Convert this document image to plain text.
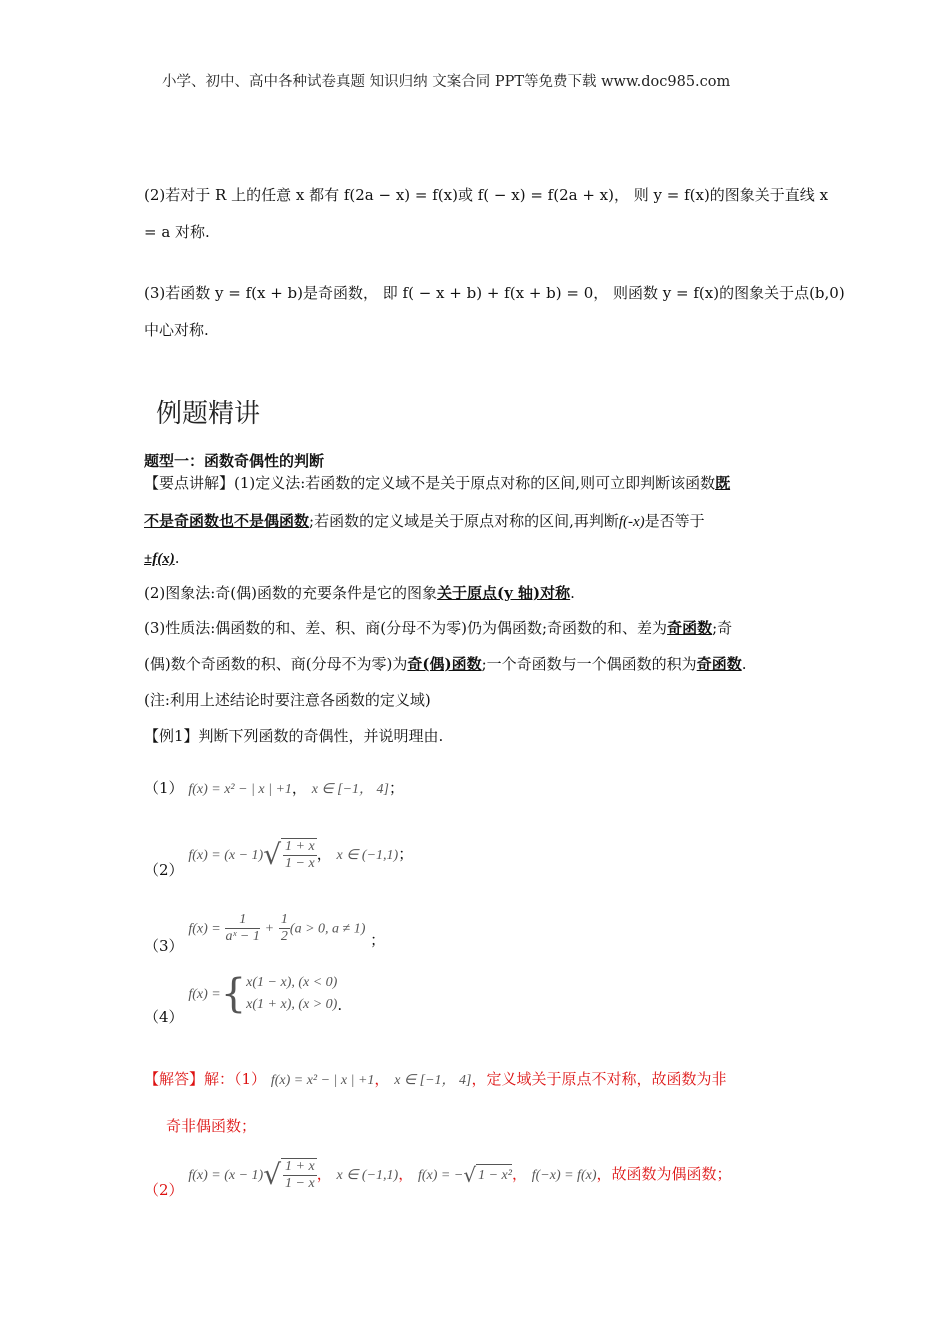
小学、初中、高中各种试卷真题 知识归纳 文案合同 PPT等免费下载 www.doc985.com
(2)若对于 R 上的任意 x 都有 f(2a − x) = f(x)或 f( − x) = f(2a + x)， 则 y = f(x)的图象关于直线 x
= a 对称.
(3)若函数 y = f(x + b)是奇函数， 即 f( − x + b) + f(x + b) = 0， 则函数 y = f(x)的图象关于点(b,0)
中心对称.
例题精讲
题型一：函数奇偶性的判断
【要点讲解】(1)定义法:若函数的定义域不是关于原点对称的区间,则可立即判断该函数既
不是奇函数也不是偶函数;若函数的定义域是关于原点对称的区间,再判断f(-x)是否等于
±f(x).
(2)图象法:奇(偶)函数的充要条件是它的图象关于原点(y 轴)对称.
(3)性质法:偶函数的和、差、积、商(分母不为零)仍为偶函数;奇函数的和、差为奇函数;奇
(偶)数个奇函数的积、商(分母不为零)为奇(偶)函数;一个奇函数与一个偶函数的积为奇函数.
(注:利用上述结论时要注意各函数的定义域)
【例1】判断下列函数的奇偶性，并说明理由.
（1） f(x) = x² − | x | +1， x ∈ [−1， 4]；
（2） $f(x) = (x - 1)√ \frac{1 + x}{1 - x}$ ， x ∈ (−1,1)；
（3） $f(x) = \frac{1}{\text{aˣ − 1}} + \frac{1}{2} (a > 0$, a ≠ 1) ；
（4） f(x) ={ x(1 − x), (x < 0)
x(1 + x), (x > 0) .
【解答】解：（1） f(x) = x² − | x | +1， x ∈ [−1， 4]，定义域关于原点不对称，故函数为非
奇非偶函数；
（2） $f(x) = (x - 1)√ \frac{1 + x}{1 - x}$ ， x ∈ (−1,1)， f(x) = −√ 1 − x²， f(−x) = f(x)，故函数为偶函数；
